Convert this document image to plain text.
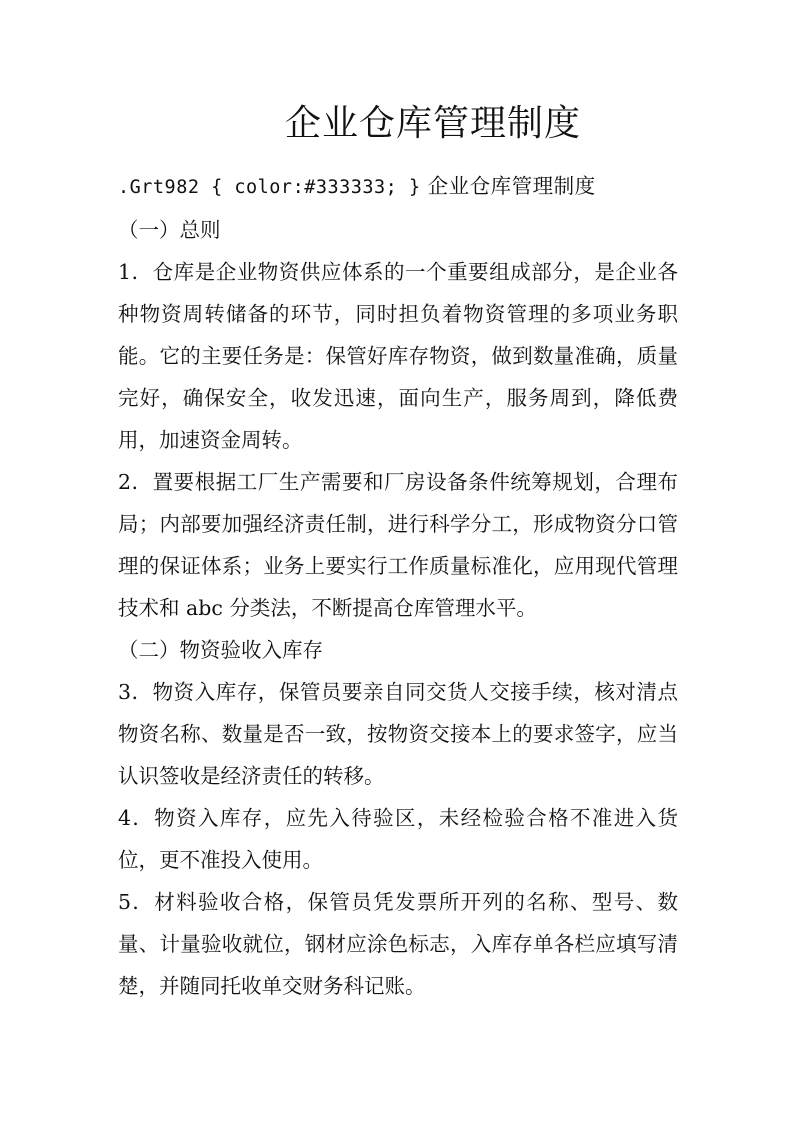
企业仓库管理制度

.Grt982 { color:#333333; } 企业仓库管理制度

（一）总则

1．仓库是企业物资供应体系的一个重要组成部分，是企业各种物资周转储备的环节，同时担负着物资管理的多项业务职能。它的主要任务是：保管好库存物资，做到数量准确，质量完好，确保安全，收发迅速，面向生产，服务周到，降低费用，加速资金周转。

2．置要根据工厂生产需要和厂房设备条件统筹规划，合理布局；内部要加强经济责任制，进行科学分工，形成物资分口管理的保证体系；业务上要实行工作质量标准化，应用现代管理技术和 abc 分类法，不断提高仓库管理水平。

（二）物资验收入库存

3．物资入库存，保管员要亲自同交货人交接手续，核对清点物资名称、数量是否一致，按物资交接本上的要求签字，应当认识签收是经济责任的转移。

4．物资入库存，应先入待验区，未经检验合格不准进入货位，更不准投入使用。

5．材料验收合格，保管员凭发票所开列的名称、型号、数量、计量验收就位，钢材应涂色标志，入库存单各栏应填写清楚，并随同托收单交财务科记账。
